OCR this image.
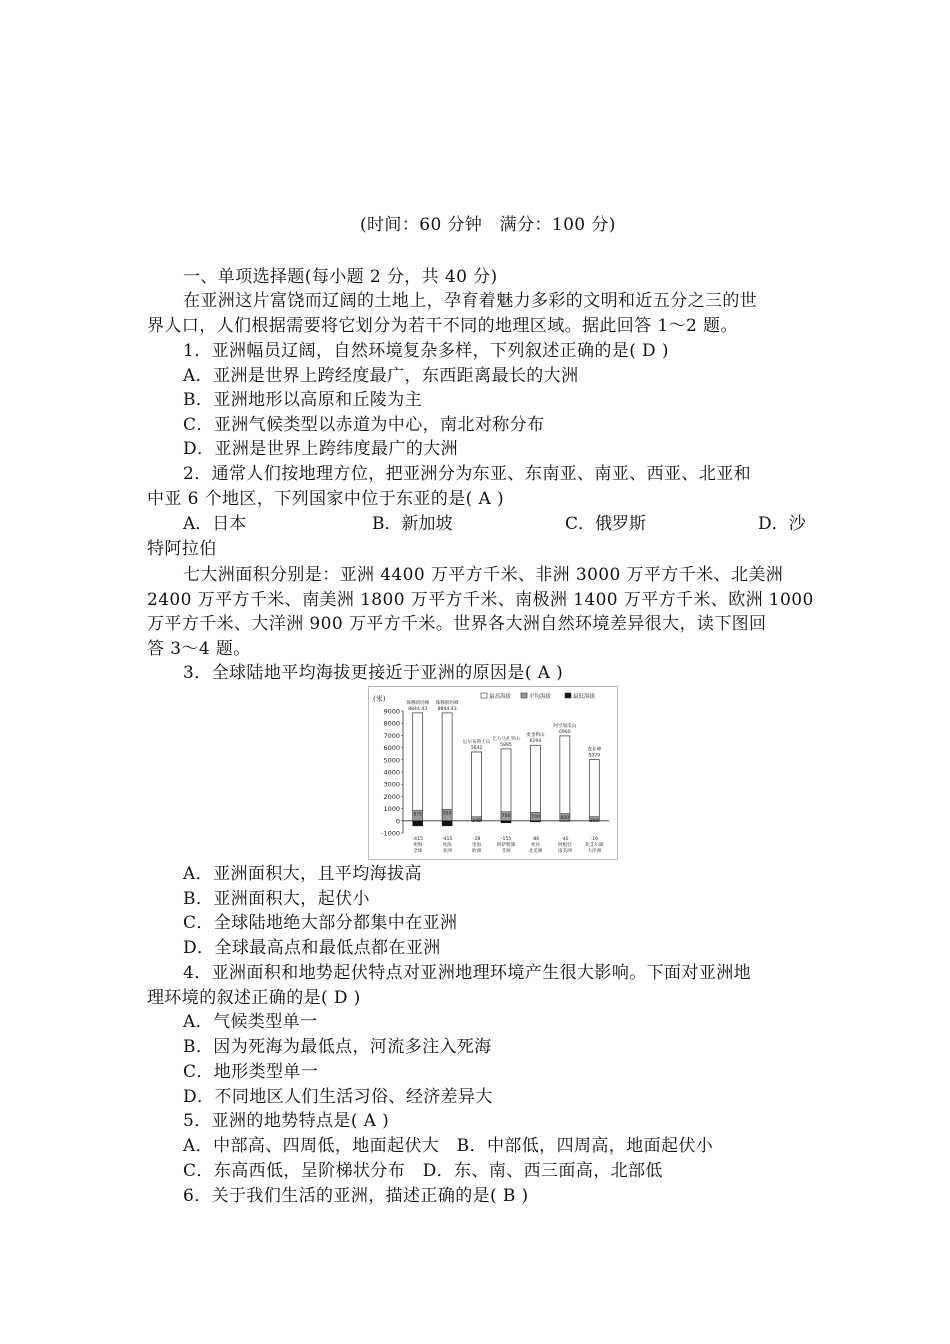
(时间：60 分钟　满分：100 分)
一、单项选择题(每小题 2 分，共 40 分)
在亚洲这片富饶而辽阔的土地上，孕育着魅力多彩的文明和近五分之三的世
界人口，人们根据需要将它划分为若干不同的地理区域。据此回答 1～2 题。
1．亚洲幅员辽阔，自然环境复杂多样，下列叙述正确的是( D )
A．亚洲是世界上跨经度最广，东西距离最长的大洲
B．亚洲地形以高原和丘陵为主
C．亚洲气候类型以赤道为中心，南北对称分布
D．亚洲是世界上跨纬度最广的大洲
2．通常人们按地理方位，把亚洲分为东亚、东南亚、南亚、西亚、北亚和
中亚 6 个地区，下列国家中位于东亚的是( A )
A．日本	B．新加坡	C．俄罗斯	D．沙
特阿拉伯
七大洲面积分别是：亚洲 4400 万平方千米、非洲 3000 万平方千米、北美洲
2400 万平方千米、南美洲 1800 万平方千米、南极洲 1400 万平方千米、欧洲 1000
万平方千米、大洋洲 900 万平方千米。世界各大洲自然环境差异很大，读下图回
答 3～4 题。
3．全球陆地平均海拔更接近于亚洲的原因是( A )
(米)
9000
8000
7000
6000
5000
4000
3000
2000
1000
0
-1000
最高海拔	平均海拔	最低海拔
珠穆朗玛峰
8844.43
875
-415
死海
全球
珠穆朗玛峰
8844.43
950
-415
死海
亚洲
厄尔布鲁士山
5642
340
-28
里海
欧洲
乞力马扎罗山
5895
750
-155
阿萨勒湖
非洲
麦金利山
6194
700
-86
死谷
北美洲
阿空加瓜山
6960
600
-40
阿根廷
南美洲
查亚峰
5029
350
-16
北艾尔湖
大洋洲
A．亚洲面积大，且平均海拔高
B．亚洲面积大，起伏小
C．全球陆地绝大部分都集中在亚洲
D．全球最高点和最低点都在亚洲
4．亚洲面积和地势起伏特点对亚洲地理环境产生很大影响。下面对亚洲地
理环境的叙述正确的是( D )
A．气候类型单一
B．因为死海为最低点，河流多注入死海
C．地形类型单一
D．不同地区人们生活习俗、经济差异大
5．亚洲的地势特点是( A )
A．中部高、四周低，地面起伏大　B．中部低，四周高，地面起伏小
C．东高西低，呈阶梯状分布　D．东、南、西三面高，北部低
6．关于我们生活的亚洲，描述正确的是( B )
